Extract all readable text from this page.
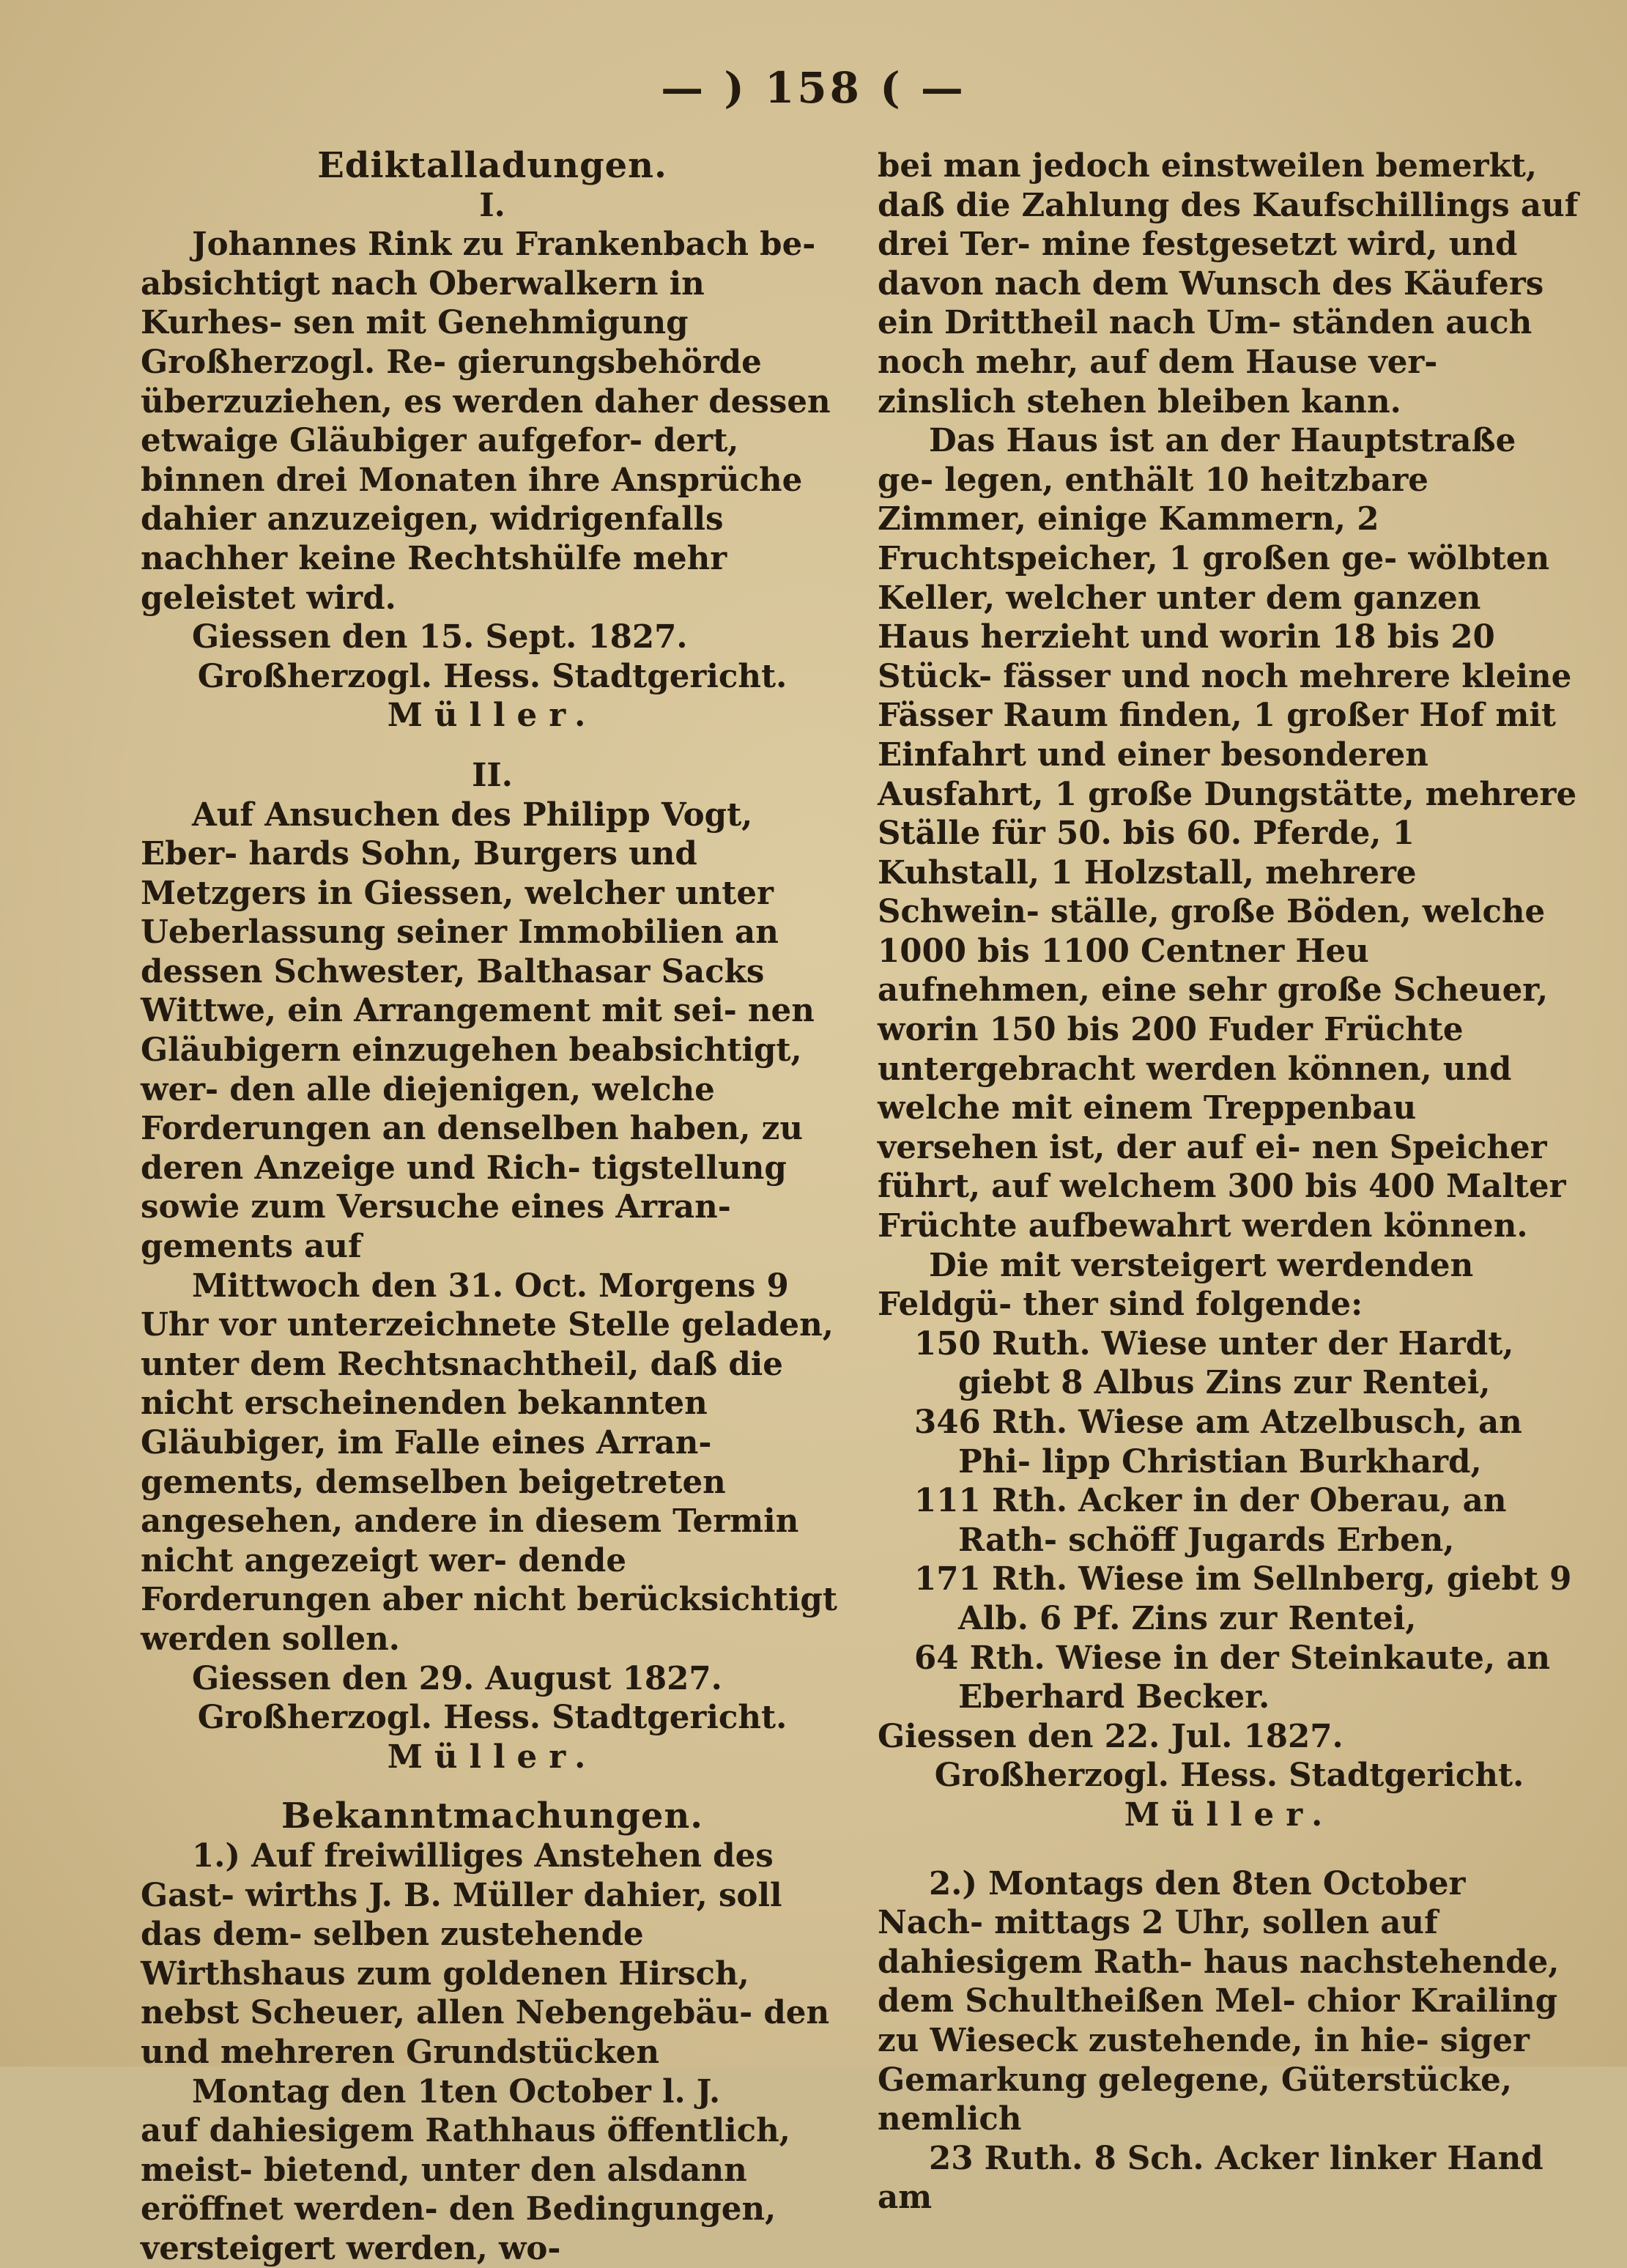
— ) 158 ( —

Ediktalladungen.

I.

Johannes Rink zu Frankenbach be- absichtigt nach Oberwalkern in Kurhes- sen mit Genehmigung Großherzogl. Re- gierungsbehörde überzuziehen, es werden daher dessen etwaige Gläubiger aufgefor- dert, binnen drei Monaten ihre Ansprüche dahier anzuzeigen, widrigenfalls nachher keine Rechtshülfe mehr geleistet wird.

Giessen den 15. Sept. 1827.

Großherzogl. Hess. Stadtgericht.

Müller.

II.

Auf Ansuchen des Philipp Vogt, Eber- hards Sohn, Burgers und Metzgers in Giessen, welcher unter Ueberlassung seiner Immobilien an dessen Schwester, Balthasar Sacks Wittwe, ein Arrangement mit sei- nen Gläubigern einzugehen beabsichtigt, wer- den alle diejenigen, welche Forderungen an denselben haben, zu deren Anzeige und Rich- tigstellung sowie zum Versuche eines Arran- gements auf

Mittwoch den 31. Oct. Morgens 9 Uhr vor unterzeichnete Stelle geladen, unter dem Rechtsnachtheil, daß die nicht erscheinenden bekannten Gläubiger, im Falle eines Arran- gements, demselben beigetreten angesehen, andere in diesem Termin nicht angezeigt wer- dende Forderungen aber nicht berücksichtigt werden sollen.

Giessen den 29. August 1827.

Großherzogl. Hess. Stadtgericht.

Müller.

Bekanntmachungen.

1.) Auf freiwilliges Anstehen des Gast- wirths J. B. Müller dahier, soll das dem- selben zustehende Wirthshaus zum goldenen Hirsch, nebst Scheuer, allen Nebengebäu- den und mehreren Grundstücken

Montag den 1ten October l. J.

auf dahiesigem Rathhaus öffentlich, meist- bietend, unter den alsdann eröffnet werden- den Bedingungen, versteigert werden, wo-

bei man jedoch einstweilen bemerkt, daß die Zahlung des Kaufschillings auf drei Ter- mine festgesetzt wird, und davon nach dem Wunsch des Käufers ein Drittheil nach Um- ständen auch noch mehr, auf dem Hause ver- zinslich stehen bleiben kann.

Das Haus ist an der Hauptstraße ge- legen, enthält 10 heitzbare Zimmer, einige Kammern, 2 Fruchtspeicher, 1 großen ge- wölbten Keller, welcher unter dem ganzen Haus herzieht und worin 18 bis 20 Stück- fässer und noch mehrere kleine Fässer Raum finden, 1 großer Hof mit Einfahrt und einer besonderen Ausfahrt, 1 große Dungstätte, mehrere Ställe für 50. bis 60. Pferde, 1 Kuhstall, 1 Holzstall, mehrere Schwein- ställe, große Böden, welche 1000 bis 1100 Centner Heu aufnehmen, eine sehr große Scheuer, worin 150 bis 200 Fuder Früchte untergebracht werden können, und welche mit einem Treppenbau versehen ist, der auf ei- nen Speicher führt, auf welchem 300 bis 400 Malter Früchte aufbewahrt werden können.

Die mit versteigert werdenden Feldgü- ther sind folgende:

150 Ruth. Wiese unter der Hardt, giebt 8 Albus Zins zur Rentei,

346 Rth. Wiese am Atzelbusch, an Phi- lipp Christian Burkhard,

111 Rth. Acker in der Oberau, an Rath- schöff Jugards Erben,

171 Rth. Wiese im Sellnberg, giebt 9 Alb. 6 Pf. Zins zur Rentei,

64 Rth. Wiese in der Steinkaute, an Eberhard Becker.

Giessen den 22. Jul. 1827.

Großherzogl. Hess. Stadtgericht.

Müller.

2.) Montags den 8ten October Nach- mittags 2 Uhr, sollen auf dahiesigem Rath- haus nachstehende, dem Schultheißen Mel- chior Krailing zu Wieseck zustehende, in hie- siger Gemarkung gelegene, Güterstücke, nemlich

23 Ruth. 8 Sch. Acker linker Hand am
